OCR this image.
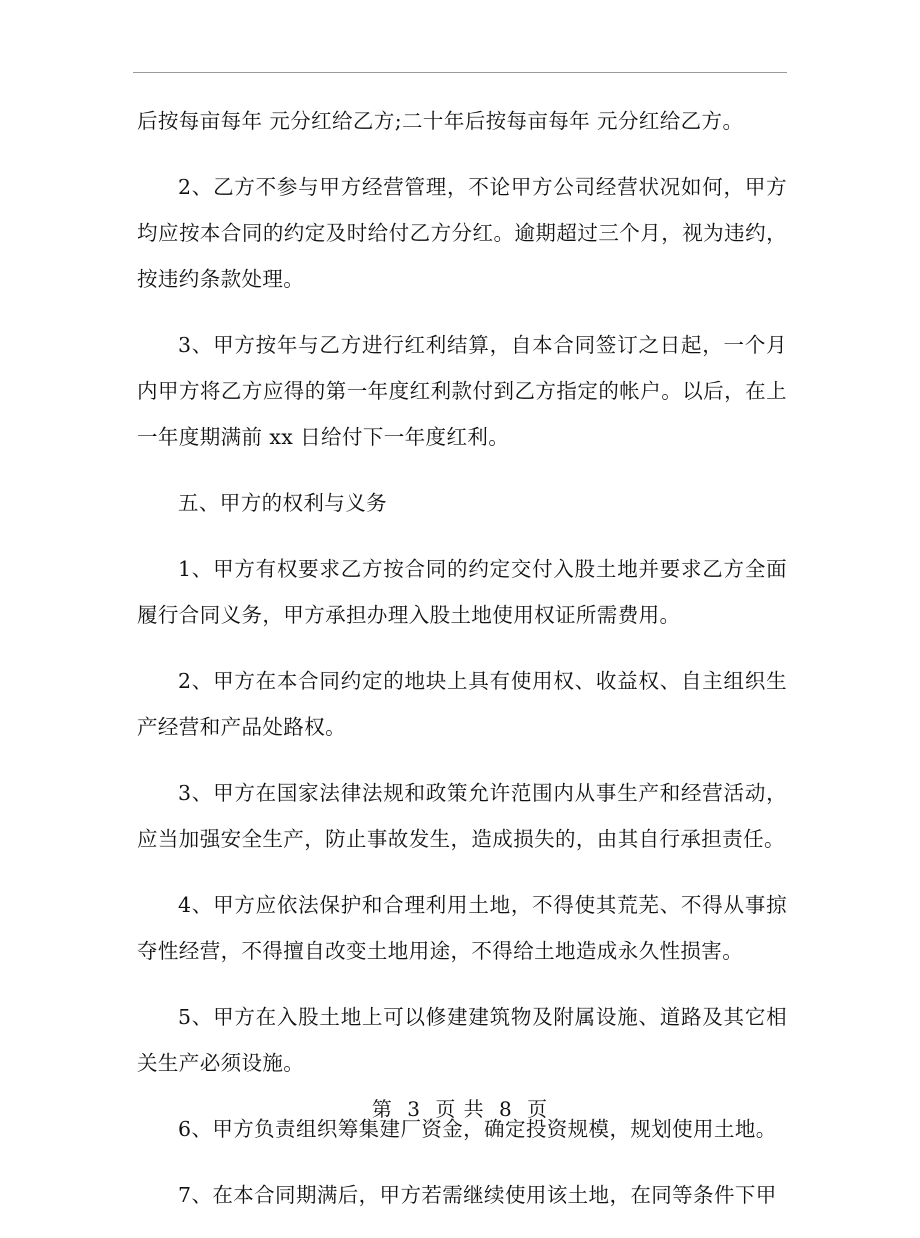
后按每亩每年 元分红给乙方;二十年后按每亩每年 元分红给乙方。

2、乙方不参与甲方经营管理，不论甲方公司经营状况如何，甲方均应按本合同的约定及时给付乙方分红。逾期超过三个月，视为违约，按违约条款处理。

3、甲方按年与乙方进行红利结算，自本合同签订之日起，一个月内甲方将乙方应得的第一年度红利款付到乙方指定的帐户。以后，在上一年度期满前 xx 日给付下一年度红利。

五、甲方的权利与义务

1、甲方有权要求乙方按合同的约定交付入股土地并要求乙方全面履行合同义务，甲方承担办理入股土地使用权证所需费用。

2、甲方在本合同约定的地块上具有使用权、收益权、自主组织生产经营和产品处路权。

3、甲方在国家法律法规和政策允许范围内从事生产和经营活动，应当加强安全生产，防止事故发生，造成损失的，由其自行承担责任。

4、甲方应依法保护和合理利用土地，不得使其荒芜、不得从事掠夺性经营，不得擅自改变土地用途，不得给土地造成永久性损害。

5、甲方在入股土地上可以修建建筑物及附属设施、道路及其它相关生产必须设施。

6、甲方负责组织筹集建厂资金，确定投资规模，规划使用土地。

7、在本合同期满后，甲方若需继续使用该土地，在同等条件下甲

第 3 页 共 8 页
